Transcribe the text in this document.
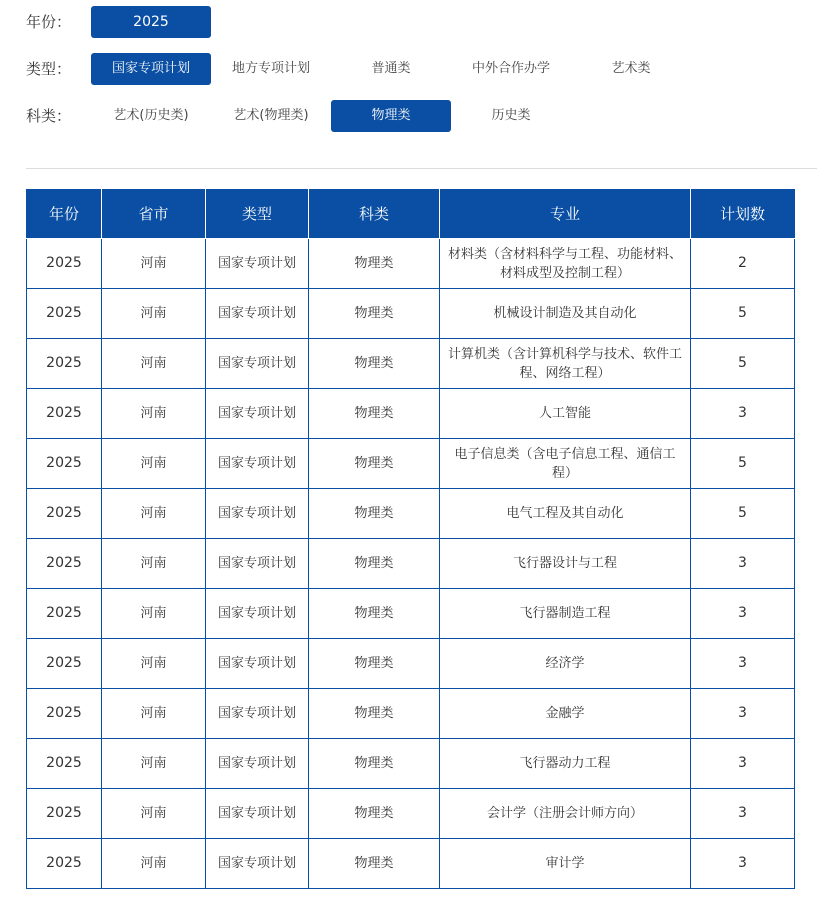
年份：	2025
类型：	国家专项计划	地方专项计划	普通类	中外合作办学	艺术类
科类：	艺术(历史类)	艺术(物理类)	物理类	历史类
年份	省市	类型	科类	专业	计划数
2025	河南	国家专项计划	物理类	材料类（含材料科学与工程、功能材料、材料成型及控制工程）	2
2025	河南	国家专项计划	物理类	机械设计制造及其自动化	5
2025	河南	国家专项计划	物理类	计算机类（含计算机科学与技术、软件工程、网络工程）	5
2025	河南	国家专项计划	物理类	人工智能	3
2025	河南	国家专项计划	物理类	电子信息类（含电子信息工程、通信工程）	5
2025	河南	国家专项计划	物理类	电气工程及其自动化	5
2025	河南	国家专项计划	物理类	飞行器设计与工程	3
2025	河南	国家专项计划	物理类	飞行器制造工程	3
2025	河南	国家专项计划	物理类	经济学	3
2025	河南	国家专项计划	物理类	金融学	3
2025	河南	国家专项计划	物理类	飞行器动力工程	3
2025	河南	国家专项计划	物理类	会计学（注册会计师方向）	3
2025	河南	国家专项计划	物理类	审计学	3
